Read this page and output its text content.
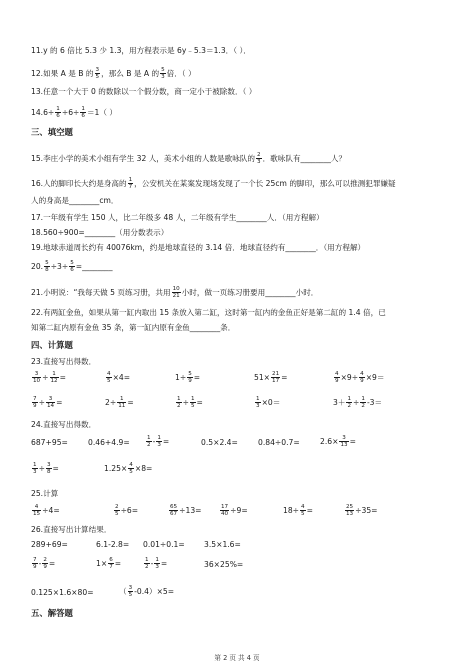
11.y 的 6 倍比 5.3 少 1.3，用方程表示是 6y﹣5.3＝1.3．（ ）．
12.如果 A 是 B 的 $\frac{3}{5}$ ，那么 B 是 A 的 $\frac{5}{3}$ 倍．（ ）
13.任意一个大于 0 的数除以一个假分数，商一定小于被除数．（ ）
$14.6\div \frac{1}{6} \div 6\div \frac{1}{6} =1$（ ）
三、填空题
15.李庄小学的美术小组有学生 32 人，美术小组的人数是歌咏队的 $\frac{2}{3}$ ．歌咏队有________人？
16.人的脚印长大约是身高的 $\frac{1}{7}$ ，公安机关在某案发现场发现了一个长 25cm 的脚印，那么可以推测犯罪嫌疑
人的身高是________cm．
17.一年级有学生 150 人，比二年级多 48 人，二年级有学生________人．（用方程解）
18.560÷900=________（用分数表示）
19.地球赤道周长约有 40076km，约是地球直径的 3.14 倍．地球直径约有________．（用方程解）
20. $\frac{5}{8} \div 3\div \frac{5}{6}$ =________
21.小明说：“我每天做 5 页练习册，共用 $\frac{10}{21}$ 小时，做一页练习册要用________小时．
22.有两缸金鱼，如果从第一缸内取出 15 条放入第二缸，这时第一缸内的金鱼正好是第二缸的 1.4 倍，已
知第二缸内原有金鱼 35 条，第一缸内原有金鱼________条．
四、计算题
23.直接写出得数．
$\frac{3}{10} \div \frac{1}{12}$ =	$\frac{4}{5} \times 4=$	$1\div \frac{5}{9}$ =	$51\times \frac{21}{17}$ =	$\frac{4}{9} \times 9\div \frac{4}{9} \times 9=$
$\frac{7}{9} \div \frac{3}{14}$ =	$2\div \frac{1}{11}$ =	$\frac{1}{2} \div \frac{1}{5}$ =	$\frac{1}{3} \times 0=$	$3+ \frac{1}{2} \div \frac{1}{2} -3=$
24.直接写出得数．
687+95=	0.46+4.9=	$\frac{1}{2} - \frac{1}{3}$ =	0.5×2.4=	0.84÷0.7=	$2.6\times \frac{3}{13}$ =
$\frac{1}{3} \div \frac{3}{8}$ =	$1.25\times \frac{4}{5} \times 8=$
25.计算
$\frac{4}{15} \div 4=$	$\frac{2}{5} \div 6=$	$\frac{65}{67} \div 13=$	$\frac{17}{40} \div 9=$	$18\div \frac{4}{5}$ =	$\frac{25}{13} \div 35=$
26.直接写出计算结果．
289+69=	6.1-2.8= 0.01÷0.1=	3.5×1.6=
$\frac{7}{9} - \frac{2}{9}$ =	$1\times \frac{6}{7}$ =	$\frac{1}{2} - \frac{1}{3}$ =	36×25%=
0.125×1.6×80=	（ $\frac{3}{5} -0.4)\times 5=$
五、解答题
第 2 页 共 4 页
